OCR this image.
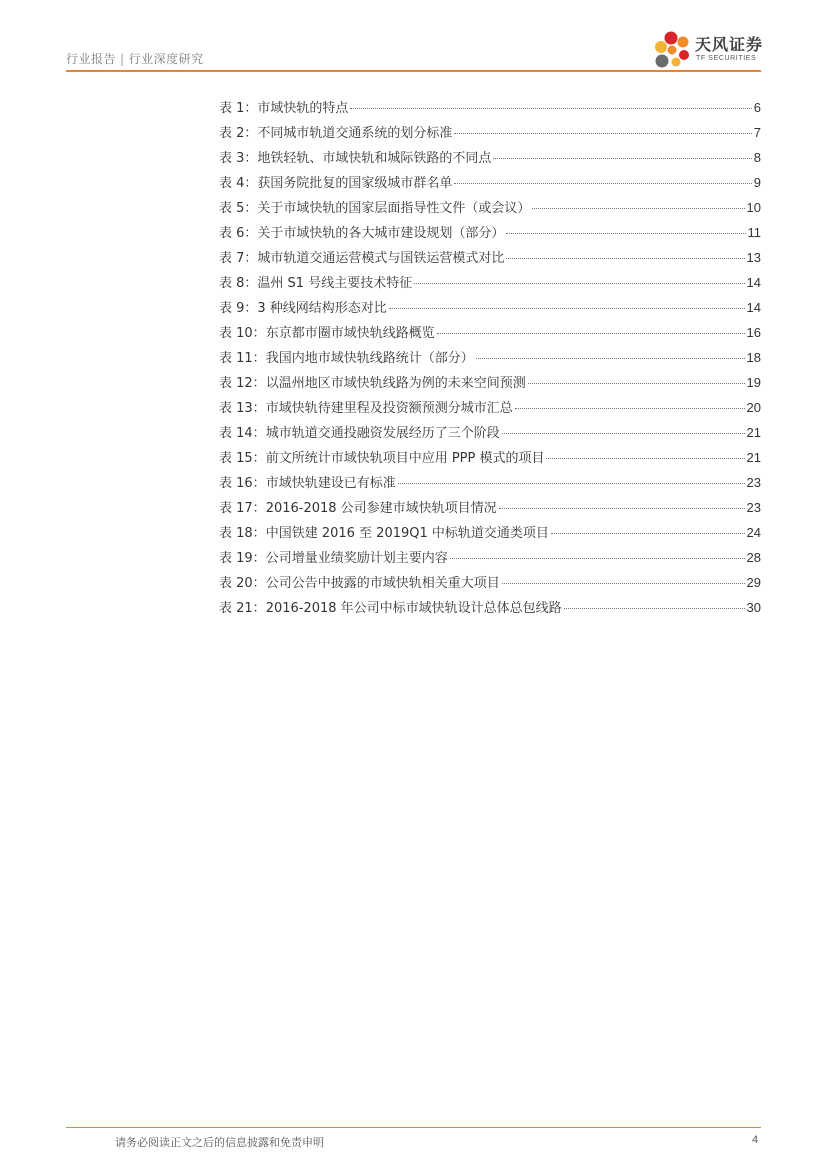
行业报告 | 行业深度研究
天风证券
TF SECURITIES
表 1： 市域快轨的特点	6
表 2： 不同城市轨道交通系统的划分标准	7
表 3： 地铁轻轨、市域快轨和城际铁路的不同点	8
表 4： 获国务院批复的国家级城市群名单	9
表 5： 关于市域快轨的国家层面指导性文件（或会议）	10
表 6： 关于市域快轨的各大城市建设规划（部分）	11
表 7： 城市轨道交通运营模式与国铁运营模式对比	13
表 8： 温州 S1 号线主要技术特征	14
表 9： 3 种线网结构形态对比	14
表 10： 东京都市圈市域快轨线路概览	16
表 11： 我国内地市域快轨线路统计（部分）	18
表 12： 以温州地区市域快轨线路为例的未来空间预测	19
表 13： 市域快轨待建里程及投资额预测分城市汇总	20
表 14： 城市轨道交通投融资发展经历了三个阶段	21
表 15： 前文所统计市域快轨项目中应用 PPP 模式的项目	21
表 16： 市域快轨建设已有标准	23
表 17： 2016-2018 公司参建市域快轨项目情况	23
表 18： 中国铁建 2016 至 2019Q1 中标轨道交通类项目	24
表 19： 公司增量业绩奖励计划主要内容	28
表 20： 公司公告中披露的市域快轨相关重大项目	29
表 21： 2016-2018 年公司中标市域快轨设计总体总包线路	30
请务必阅读正文之后的信息披露和免责申明	4
